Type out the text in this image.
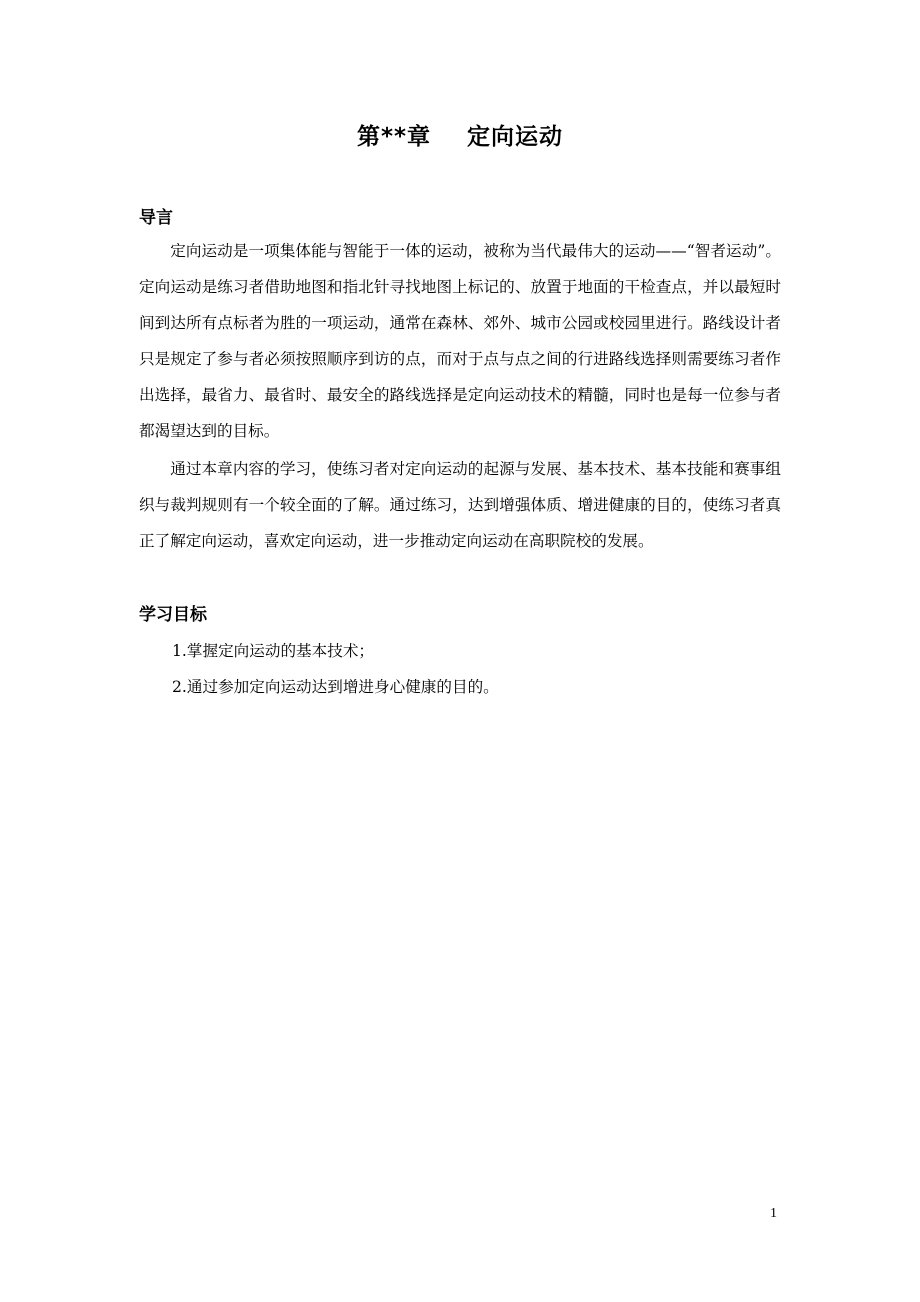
第**章    定向运动
导言

定向运动是一项集体能与智能于一体的运动，被称为当代最伟大的运动——“智者运动”。定向运动是练习者借助地图和指北针寻找地图上标记的、放置于地面的干检查点，并以最短时间到达所有点标者为胜的一项运动，通常在森林、郊外、城市公园或校园里进行。路线设计者只是规定了参与者必须按照顺序到访的点，而对于点与点之间的行进路线选择则需要练习者作出选择，最省力、最省时、最安全的路线选择是定向运动技术的精髓，同时也是每一位参与者都渴望达到的目标。

通过本章内容的学习，使练习者对定向运动的起源与发展、基本技术、基本技能和赛事组织与裁判规则有一个较全面的了解。通过练习，达到增强体质、增进健康的目的，使练习者真正了解定向运动，喜欢定向运动，进一步推动定向运动在高职院校的发展。

学习目标
1.掌握定向运动的基本技术；
2.通过参加定向运动达到增进身心健康的目的。
1
